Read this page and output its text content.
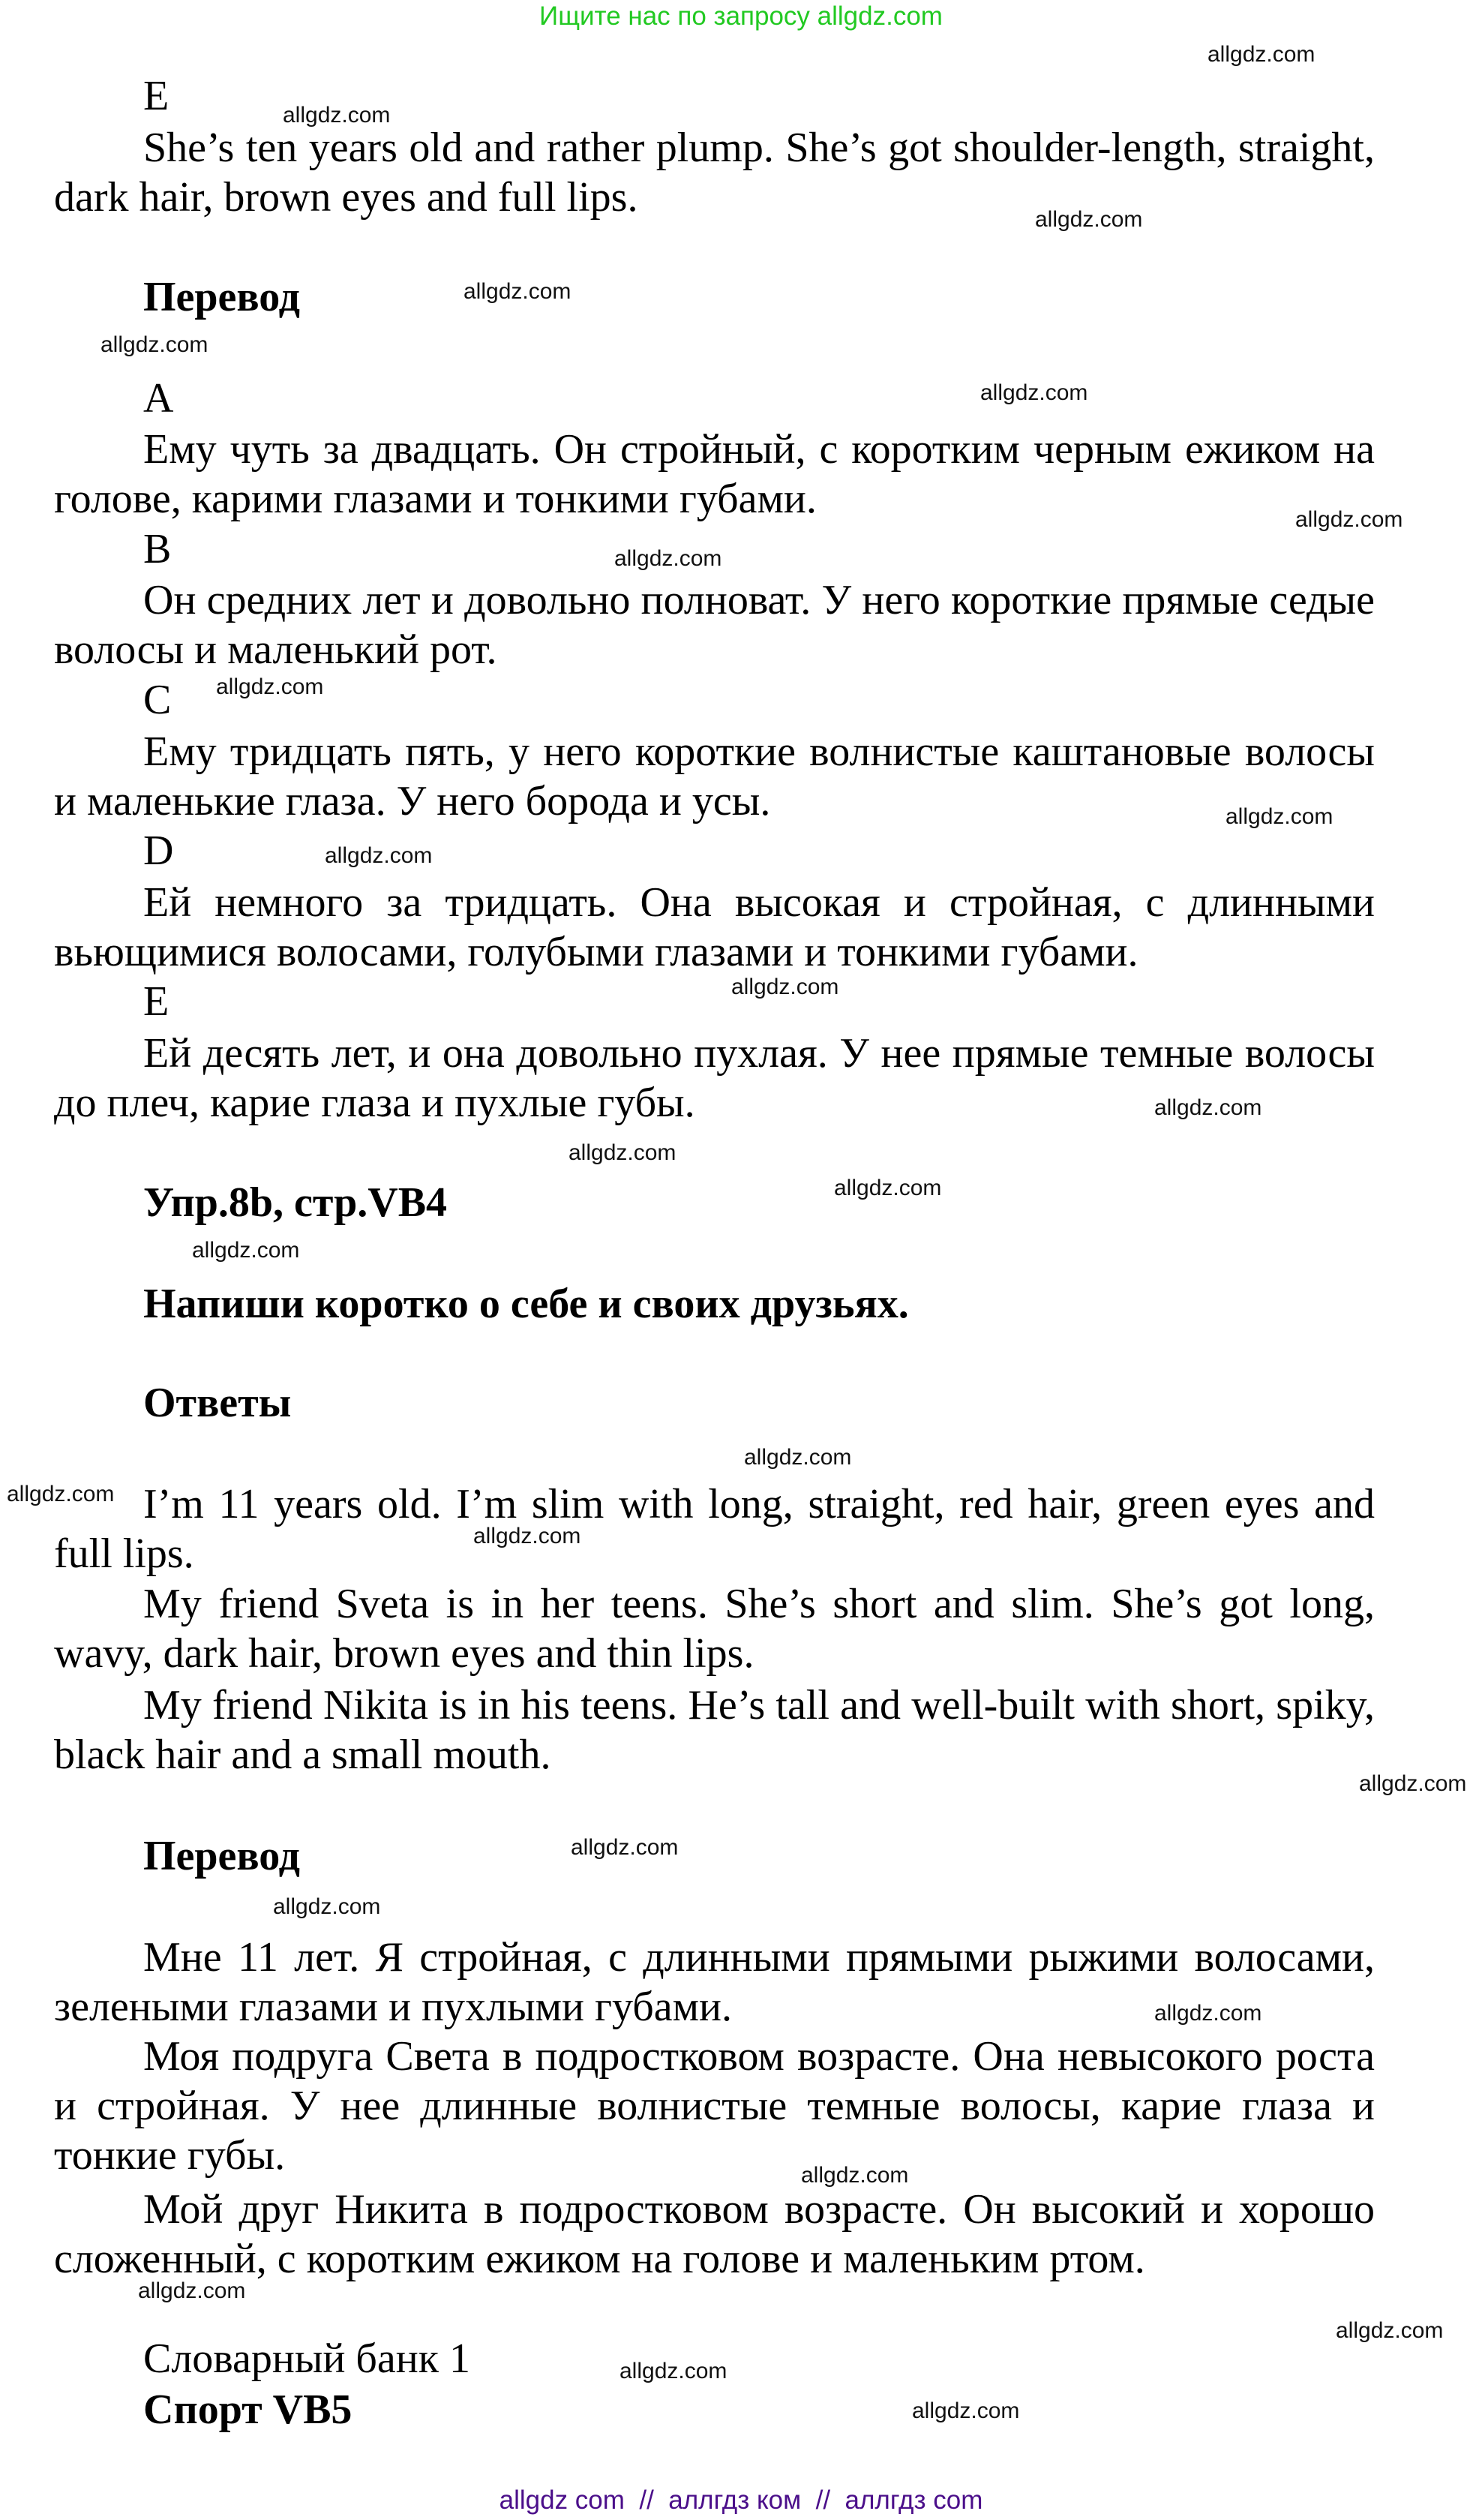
Ищите нас по запросу allgdz.com
E

She’s ten years old and rather plump. She’s got shoulder-length, straight, dark hair, brown eyes and full lips.

Перевод
A

Ему чуть за двадцать. Он стройный, с коротким черным ежиком на голове, карими глазами и тонкими губами.

B

Он средних лет и довольно полноват. У него короткие прямые седые волосы и маленький рот.

C

Ему тридцать пять, у него короткие волнистые каштановые волосы и маленькие глаза. У него борода и усы.

D

Ей немного за тридцать. Она высокая и стройная, с длинными вьющимися волосами, голубыми глазами и тонкими губами.

E

Ей десять лет, и она довольно пухлая. У нее прямые темные волосы до плеч, карие глаза и пухлые губы.

Упр.8b, стр.VB4
Напиши коротко о себе и своих друзьях.
Ответы

I’m 11 years old. I’m slim with long, straight, red hair, green eyes and full lips.

My friend Sveta is in her teens. She’s short and slim. She’s got long, wavy, dark hair, brown eyes and thin lips.

My friend Nikita is in his teens. He’s tall and well-built with short, spiky, black hair and a small mouth.

Перевод

Мне 11 лет. Я стройная, с длинными прямыми рыжими волосами, зелеными глазами и пухлыми губами.

Моя подруга Света в подростковом возрасте. Она невысокого роста и стройная. У нее длинные волнистые темные волосы, карие глаза и тонкие губы.

Мой друг Никита в подростковом возрасте. Он высокий и хорошо сложенный, с коротким ежиком на голове и маленьким ртом.

Словарный банк 1
Спорт VB5
allgdz.com
allgdz.com
allgdz.com
allgdz.com
allgdz.com
allgdz.com
allgdz.com
allgdz.com
allgdz.com
allgdz.com
allgdz.com
allgdz.com
allgdz.com
allgdz.com
allgdz.com
allgdz.com
allgdz.com
allgdz.com
allgdz.com
allgdz.com
allgdz.com
allgdz.com
allgdz.com
allgdz.com
allgdz.com
allgdz.com
allgdz.com
allgdz.com
allgdz com  //  аллгдз ком  //  аллгдз com
